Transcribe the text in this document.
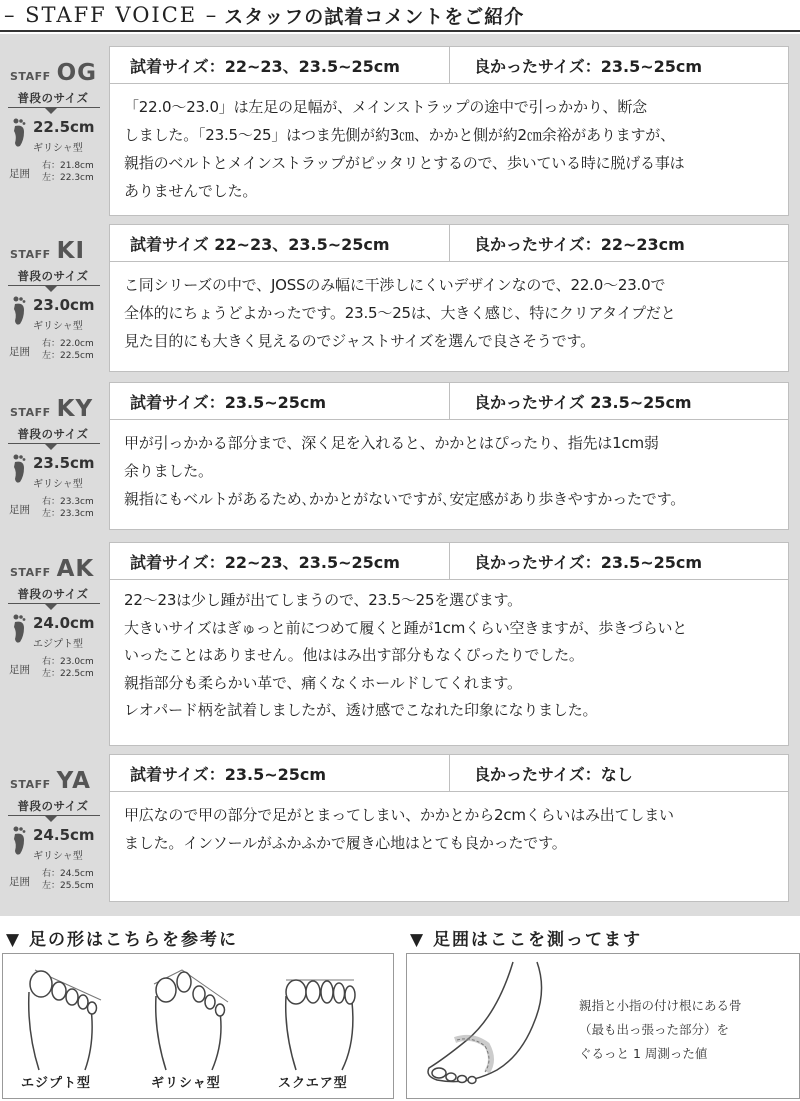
– STAFF VOICE – スタッフの試着コメントをご紹介
STAFF OG
普段のサイズ
22.5cm
ギリシャ型
足囲
右：21.8cm
左：22.3cm
試着サイズ：22~23、23.5~25cm	良かったサイズ：23.5~25cm
「22.0〜23.0」は左足の足幅が、メインストラップの途中で引っかかり、断念
しました。「23.5〜25」はつま先側が約3㎝、かかと側が約2㎝余裕がありますが、
親指のベルトとメインストラップがピッタリとするので、歩いている時に脱げる事は
ありませんでした。
STAFF KI
普段のサイズ
23.0cm
ギリシャ型
足囲
右：22.0cm
左：22.5cm
試着サイズ 22~23、23.5~25cm	良かったサイズ：22~23cm
こ同シリーズの中で、JOSSのみ幅に干渉しにくいデザインなので、22.0〜23.0で
全体的にちょうどよかったです。23.5〜25は、大きく感じ、特にクリアタイプだと
見た目的にも大きく見えるのでジャストサイズを選んで良さそうです。
STAFF KY
普段のサイズ
23.5cm
ギリシャ型
足囲
右：23.3cm
左：23.3cm
試着サイズ：23.5~25cm	良かったサイズ 23.5~25cm
甲が引っかかる部分まで、深く足を入れると、かかとはぴったり、指先は1cm弱
余りました。
親指にもベルトがあるため､かかとがないですが､安定感があり歩きやすかったです。
STAFF AK
普段のサイズ
24.0cm
エジプト型
足囲
右：23.0cm
左：22.5cm
試着サイズ：22~23、23.5~25cm	良かったサイズ：23.5~25cm
22〜23は少し踵が出てしまうので、23.5〜25を選びます。
大きいサイズはぎゅっと前につめて履くと踵が1cmくらい空きますが、歩きづらいと
いったことはありません。他ははみ出す部分もなくぴったりでした。
親指部分も柔らかい革で、痛くなくホールドしてくれます。
レオパード柄を試着しましたが、透け感でこなれた印象になりました。
STAFF YA
普段のサイズ
24.5cm
ギリシャ型
足囲
右：24.5cm
左：25.5cm
試着サイズ：23.5~25cm	良かったサイズ：なし
甲広なので甲の部分で足がとまってしまい、かかとから2cmくらいはみ出てしまい
ました。インソールがふかふかで履き心地はとても良かったです。
▼ 足の形はこちらを参考に
エジプト型	ギリシャ型	スクエア型
▼ 足囲はここを測ってます
親指と小指の付け根にある骨
（最も出っ張った部分）を
ぐるっと 1 周測った値
